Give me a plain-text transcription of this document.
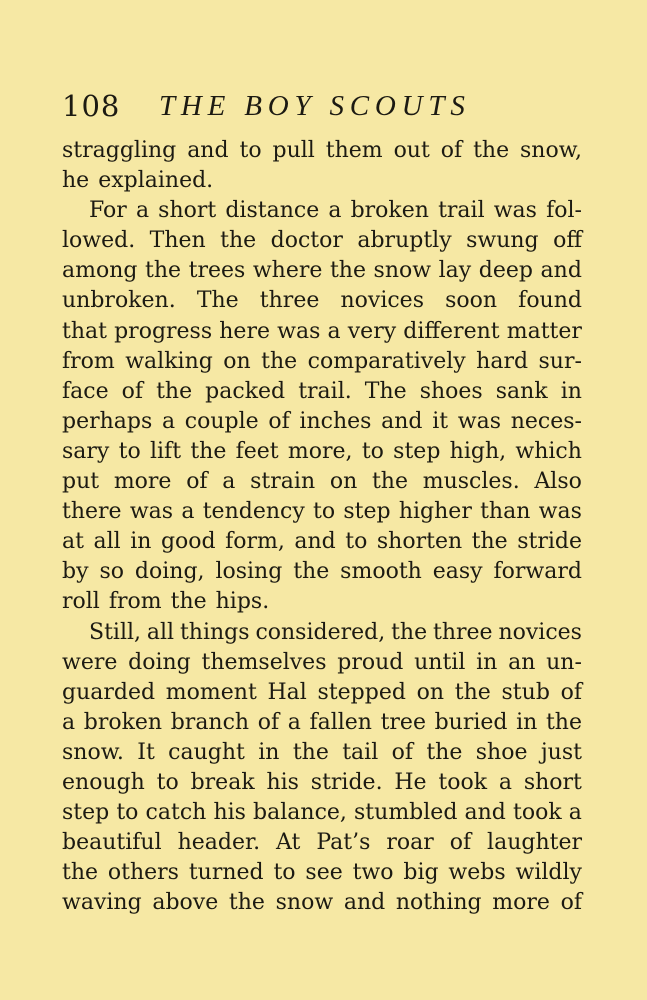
108 THE BOY SCOUTS
straggling and to pull them out of the snow,
he explained.
For a short distance a broken trail was fol-
lowed. Then the doctor abruptly swung off
among the trees where the snow lay deep and
unbroken. The three novices soon found
that progress here was a very different matter
from walking on the comparatively hard sur-
face of the packed trail. The shoes sank in
perhaps a couple of inches and it was neces-
sary to lift the feet more, to step high, which
put more of a strain on the muscles. Also
there was a tendency to step higher than was
at all in good form, and to shorten the stride
by so doing, losing the smooth easy forward
roll from the hips.
Still, all things considered, the three novices
were doing themselves proud until in an un-
guarded moment Hal stepped on the stub of
a broken branch of a fallen tree buried in the
snow. It caught in the tail of the shoe just
enough to break his stride. He took a short
step to catch his balance, stumbled and took a
beautiful header. At Pat’s roar of laughter
the others turned to see two big webs wildly
waving above the snow and nothing more of
